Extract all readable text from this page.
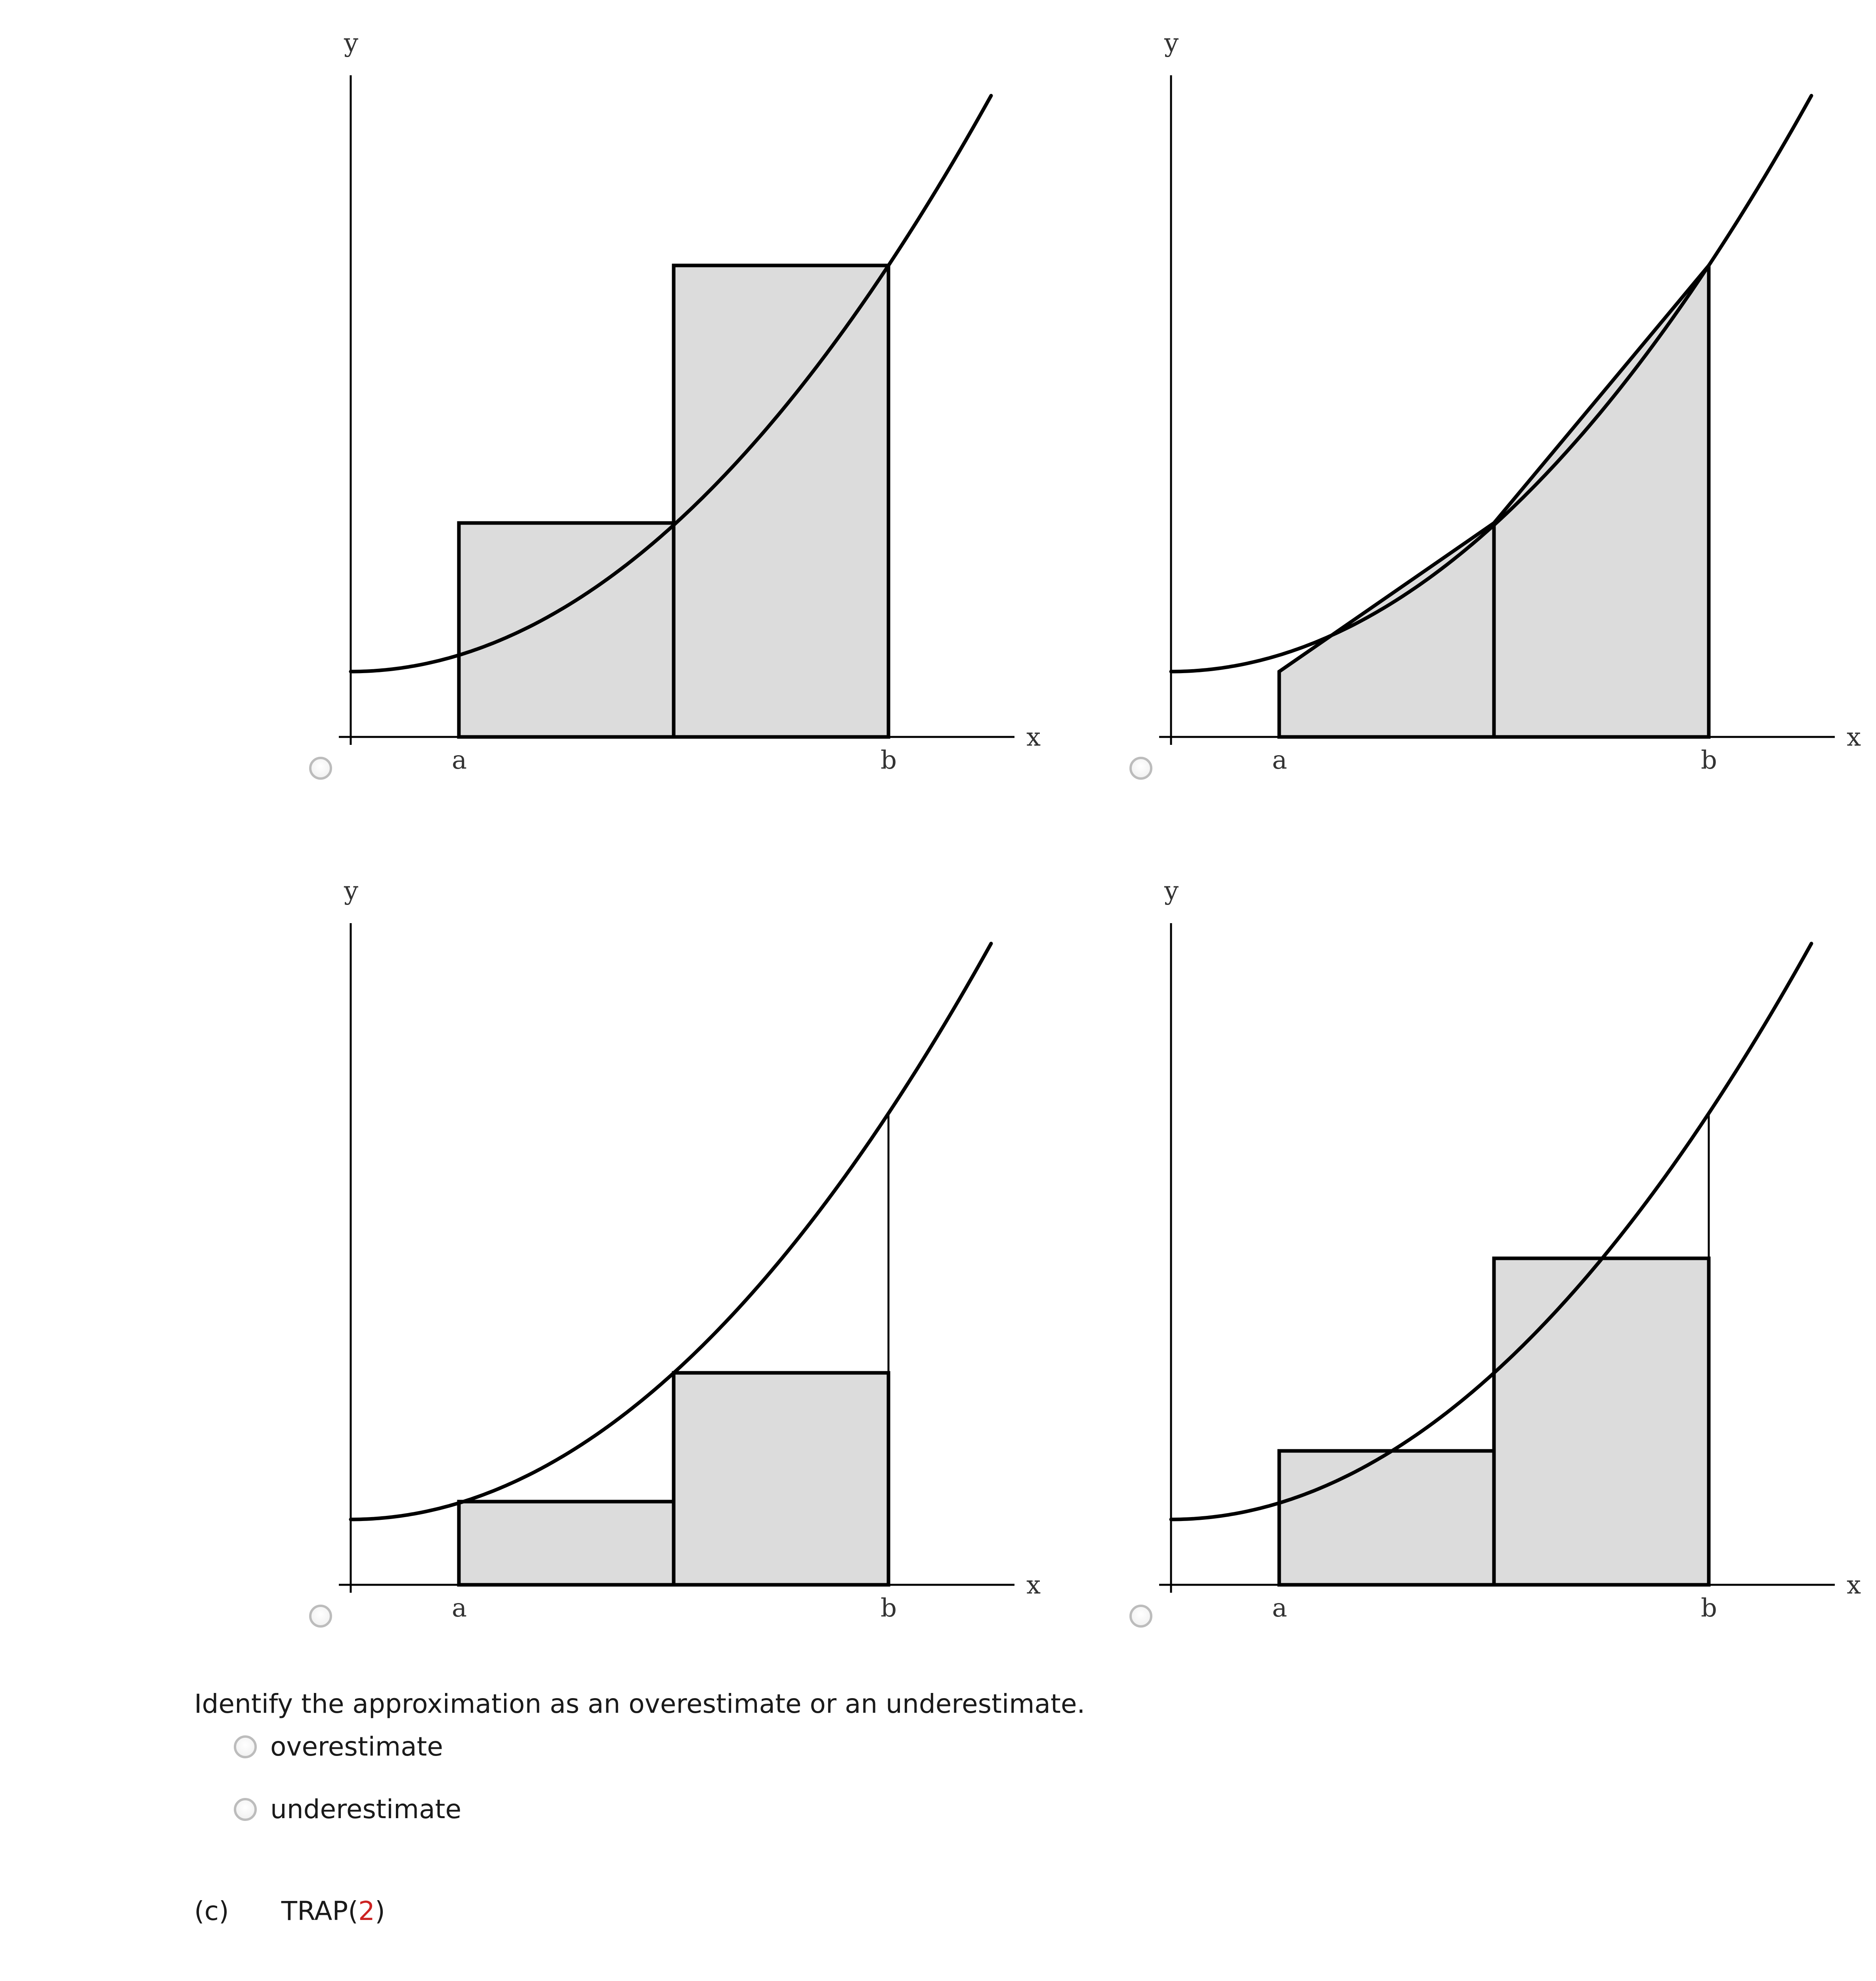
y
x
a	b
y
x
a	b
y
x
a	b
y
x
a	b
Identify the approximation as an overestimate or an underestimate.
overestimate
underestimate
(c) TRAP(2)
